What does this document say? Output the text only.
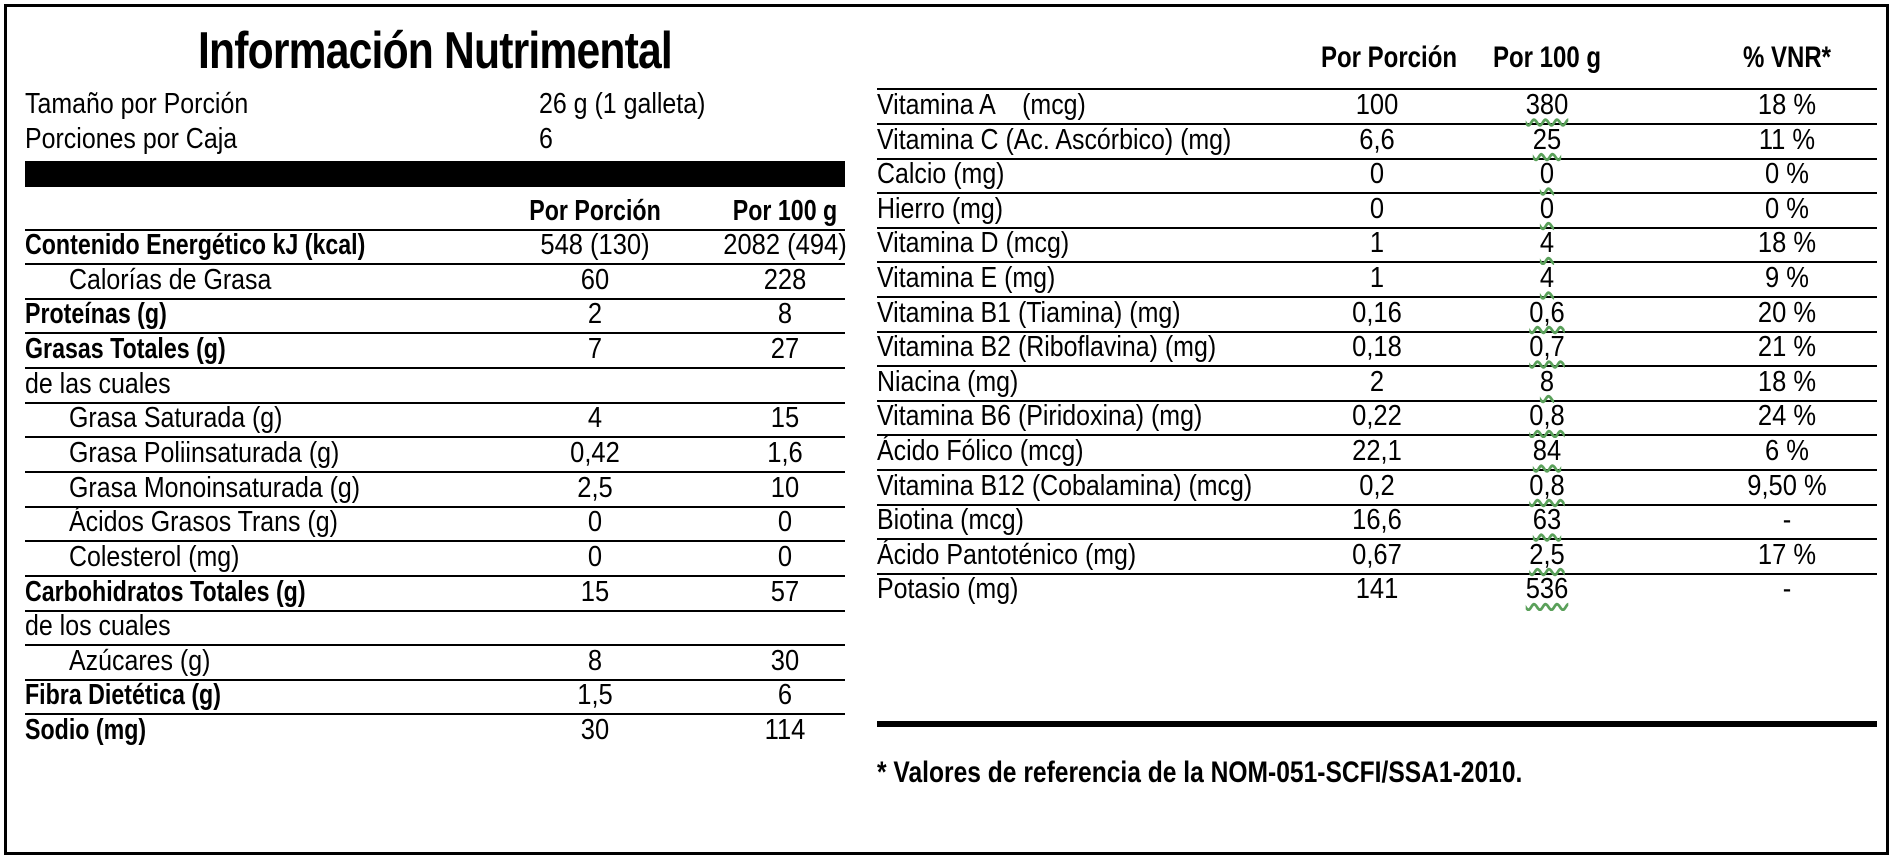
Información Nutrimental
Tamaño por Porción	26 g (1 galleta)
Porciones por Caja	6
Por Porción	Por 100 g
Contenido Energético kJ (kcal)	548 (130)	2082 (494)
Calorías de Grasa	60	228
Proteínas (g)	2	8
Grasas Totales (g)	7	27
de las cuales
Grasa Saturada (g)	4	15
Grasa Poliinsaturada (g)	0,42	1,6
Grasa Monoinsaturada (g)	2,5	10
Ácidos Grasos Trans (g)	0	0
Colesterol (mg)	0	0
Carbohidratos Totales (g)	15	57
de los cuales
Azúcares (g)	8	30
Fibra Dietética (g)	1,5	6
Sodio (mg)	30	114
Por Porción	Por 100 g	% VNR*
Vitamina A    (mcg)	100	380	18 %
Vitamina C (Ac. Ascórbico) (mg)	6,6	25	11 %
Calcio (mg)	0	0	0 %
Hierro (mg)	0	0	0 %
Vitamina D (mcg)	1	4	18 %
Vitamina E (mg)	1	4	9 %
Vitamina B1 (Tiamina) (mg)	0,16	0,6	20 %
Vitamina B2 (Riboflavina) (mg)	0,18	0,7	21 %
Niacina (mg)	2	8	18 %
Vitamina B6 (Piridoxina) (mg)	0,22	0,8	24 %
Ácido Fólico (mcg)	22,1	84	6 %
Vitamina B12 (Cobalamina) (mcg)	0,2	0,8	9,50 %
Biotina (mcg)	16,6	63	-
Ácido Pantoténico (mg)	0,67	2,5	17 %
Potasio (mg)	141	536	-
* Valores de referencia de la NOM-051-SCFI/SSA1-2010.
